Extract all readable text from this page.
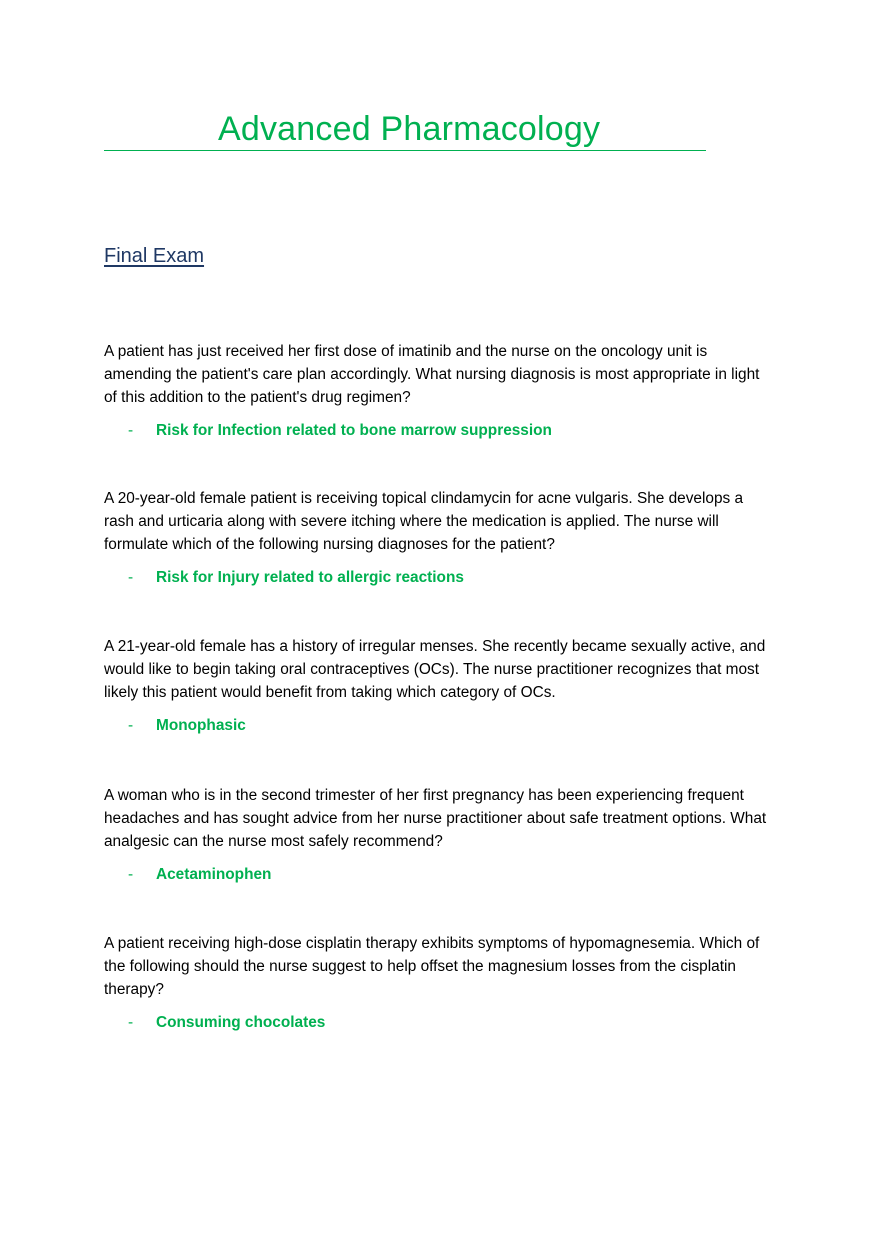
Advanced Pharmacology
Final Exam

A patient has just received her first dose of imatinib and the nurse on the oncology unit is amending the patient's care plan accordingly. What nursing diagnosis is most appropriate in light of this addition to the patient's drug regimen?

- Risk for Infection related to bone marrow suppression

A 20-year-old female patient is receiving topical clindamycin for acne vulgaris. She develops a rash and urticaria along with severe itching where the medication is applied. The nurse will formulate which of the following nursing diagnoses for the patient?

- Risk for Injury related to allergic reactions

A 21-year-old female has a history of irregular menses. She recently became sexually active, and would like to begin taking oral contraceptives (OCs). The nurse practitioner recognizes that most likely this patient would benefit from taking which category of OCs.

- Monophasic

A woman who is in the second trimester of her first pregnancy has been experiencing frequent headaches and has sought advice from her nurse practitioner about safe treatment options. What analgesic can the nurse most safely recommend?

- Acetaminophen

A patient receiving high-dose cisplatin therapy exhibits symptoms of hypomagnesemia. Which of the following should the nurse suggest to help offset the magnesium losses from the cisplatin therapy?

- Consuming chocolates
